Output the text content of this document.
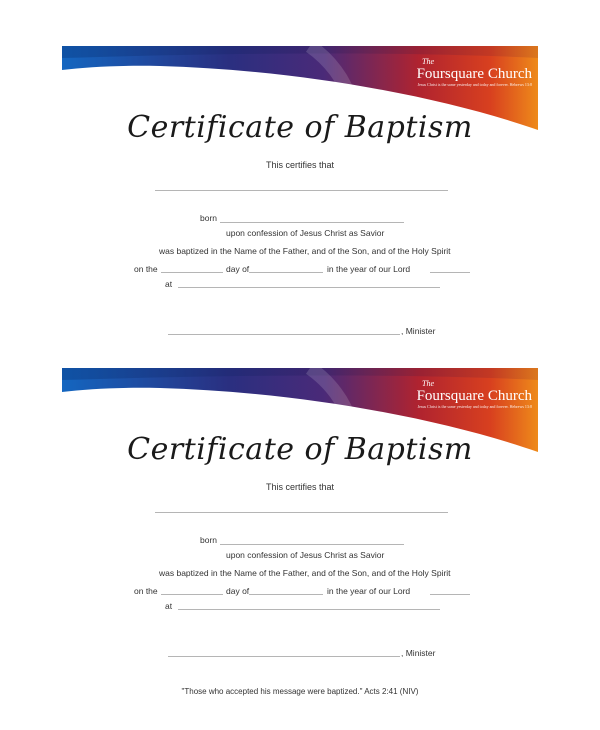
The
Foursquare Church
Jesus Christ is the same yesterday and today and forever. Hebrews 13:8
Certificate of Baptism
This certifies that
born
upon confession of Jesus Christ as Savior
was baptized in the Name of the Father, and of the Son, and of the Holy Spirit
on the	day of	in the year of our Lord
at
, Minister
The
Foursquare Church
Jesus Christ is the same yesterday and today and forever. Hebrews 13:8
Certificate of Baptism
This certifies that
born
upon confession of Jesus Christ as Savior
was baptized in the Name of the Father, and of the Son, and of the Holy Spirit
on the	day of	in the year of our Lord
at
, Minister
"Those who accepted his message were baptized." Acts 2:41 (NIV)
